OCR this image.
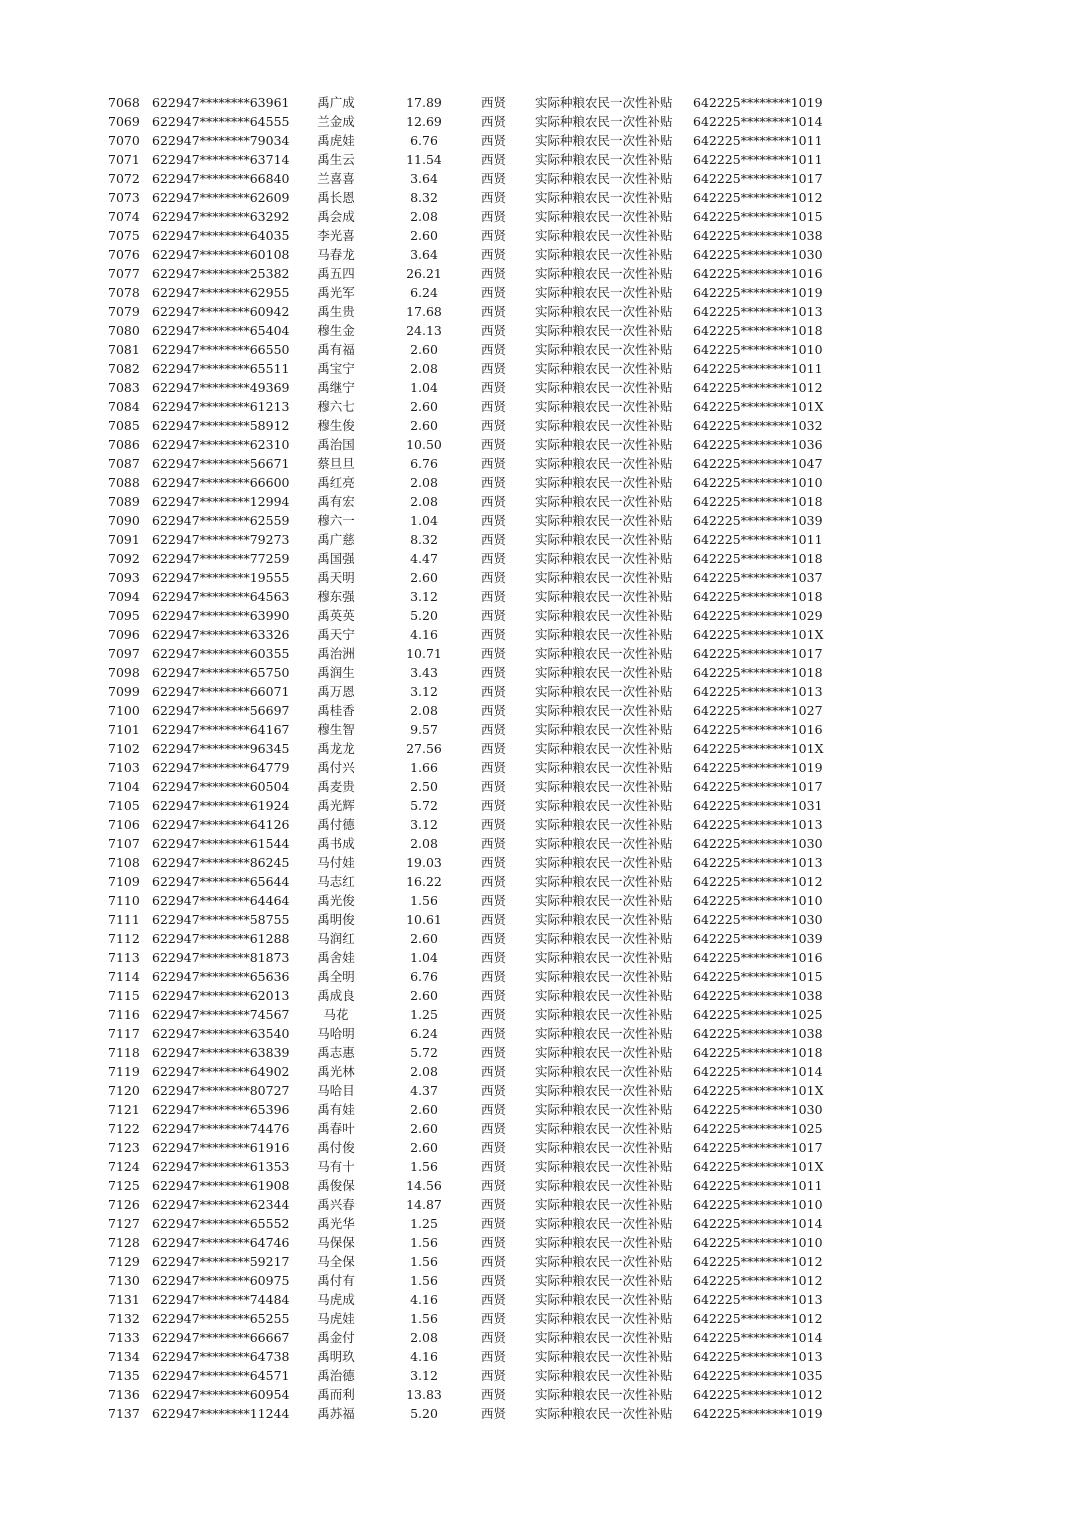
7068 622947********63961	禹广成	17.89	西贤 实际种粮农民一次性补贴 642225********1019
7069 622947********64555	兰金成	12.69	西贤 实际种粮农民一次性补贴 642225********1014
7070 622947********79034	禹虎娃	6.76	西贤 实际种粮农民一次性补贴 642225********1011
7071 622947********63714	禹生云	11.54	西贤 实际种粮农民一次性补贴 642225********1011
7072 622947********66840	兰喜喜	3.64	西贤 实际种粮农民一次性补贴 642225********1017
7073 622947********62609	禹长恩	8.32	西贤 实际种粮农民一次性补贴 642225********1012
7074 622947********63292	禹会成	2.08	西贤 实际种粮农民一次性补贴 642225********1015
7075 622947********64035	李光喜	2.60	西贤 实际种粮农民一次性补贴 642225********1038
7076 622947********60108	马春龙	3.64	西贤 实际种粮农民一次性补贴 642225********1030
7077 622947********25382	禹五四	26.21	西贤 实际种粮农民一次性补贴 642225********1016
7078 622947********62955	禹光军	6.24	西贤 实际种粮农民一次性补贴 642225********1019
7079 622947********60942	禹生贵	17.68	西贤 实际种粮农民一次性补贴 642225********1013
7080 622947********65404	穆生金	24.13	西贤 实际种粮农民一次性补贴 642225********1018
7081 622947********66550	禹有福	2.60	西贤 实际种粮农民一次性补贴 642225********1010
7082 622947********65511	禹宝宁	2.08	西贤 实际种粮农民一次性补贴 642225********1011
7083 622947********49369	禹继宁	1.04	西贤 实际种粮农民一次性补贴 642225********1012
7084 622947********61213	穆六七	2.60	西贤 实际种粮农民一次性补贴 642225********101X
7085 622947********58912	穆生俊	2.60	西贤 实际种粮农民一次性补贴 642225********1032
7086 622947********62310	禹治国	10.50	西贤 实际种粮农民一次性补贴 642225********1036
7087 622947********56671	蔡旦旦	6.76	西贤 实际种粮农民一次性补贴 642225********1047
7088 622947********66600	禹红亮	2.08	西贤 实际种粮农民一次性补贴 642225********1010
7089 622947********12994	禹有宏	2.08	西贤 实际种粮农民一次性补贴 642225********1018
7090 622947********62559	穆六一	1.04	西贤 实际种粮农民一次性补贴 642225********1039
7091 622947********79273	禹广慈	8.32	西贤 实际种粮农民一次性补贴 642225********1011
7092 622947********77259	禹国强	4.47	西贤 实际种粮农民一次性补贴 642225********1018
7093 622947********19555	禹天明	2.60	西贤 实际种粮农民一次性补贴 642225********1037
7094 622947********64563	穆东强	3.12	西贤 实际种粮农民一次性补贴 642225********1018
7095 622947********63990	禹英英	5.20	西贤 实际种粮农民一次性补贴 642225********1029
7096 622947********63326	禹天宁	4.16	西贤 实际种粮农民一次性补贴 642225********101X
7097 622947********60355	禹治洲	10.71	西贤 实际种粮农民一次性补贴 642225********1017
7098 622947********65750	禹润生	3.43	西贤 实际种粮农民一次性补贴 642225********1018
7099 622947********66071	禹万恩	3.12	西贤 实际种粮农民一次性补贴 642225********1013
7100 622947********56697	禹桂香	2.08	西贤 实际种粮农民一次性补贴 642225********1027
7101 622947********64167	穆生智	9.57	西贤 实际种粮农民一次性补贴 642225********1016
7102 622947********96345	禹龙龙	27.56	西贤 实际种粮农民一次性补贴 642225********101X
7103 622947********64779	禹付兴	1.66	西贤 实际种粮农民一次性补贴 642225********1019
7104 622947********60504	禹麦贵	2.50	西贤 实际种粮农民一次性补贴 642225********1017
7105 622947********61924	禹光辉	5.72	西贤 实际种粮农民一次性补贴 642225********1031
7106 622947********64126	禹付德	3.12	西贤 实际种粮农民一次性补贴 642225********1013
7107 622947********61544	禹书成	2.08	西贤 实际种粮农民一次性补贴 642225********1030
7108 622947********86245	马付娃	19.03	西贤 实际种粮农民一次性补贴 642225********1013
7109 622947********65644	马志红	16.22	西贤 实际种粮农民一次性补贴 642225********1012
7110 622947********64464	禹光俊	1.56	西贤 实际种粮农民一次性补贴 642225********1010
7111 622947********58755	禹明俊	10.61	西贤 实际种粮农民一次性补贴 642225********1030
7112 622947********61288	马润红	2.60	西贤 实际种粮农民一次性补贴 642225********1039
7113 622947********81873	禹舍娃	1.04	西贤 实际种粮农民一次性补贴 642225********1016
7114 622947********65636	禹全明	6.76	西贤 实际种粮农民一次性补贴 642225********1015
7115 622947********62013	禹成良	2.60	西贤 实际种粮农民一次性补贴 642225********1038
7116 622947********74567	马花	1.25	西贤 实际种粮农民一次性补贴 642225********1025
7117 622947********63540	马哈明	6.24	西贤 实际种粮农民一次性补贴 642225********1038
7118 622947********63839	禹志惠	5.72	西贤 实际种粮农民一次性补贴 642225********1018
7119 622947********64902	禹光林	2.08	西贤 实际种粮农民一次性补贴 642225********1014
7120 622947********80727	马哈目	4.37	西贤 实际种粮农民一次性补贴 642225********101X
7121 622947********65396	禹有娃	2.60	西贤 实际种粮农民一次性补贴 642225********1030
7122 622947********74476	禹春叶	2.60	西贤 实际种粮农民一次性补贴 642225********1025
7123 622947********61916	禹付俊	2.60	西贤 实际种粮农民一次性补贴 642225********1017
7124 622947********61353	马有十	1.56	西贤 实际种粮农民一次性补贴 642225********101X
7125 622947********61908	禹俊保	14.56	西贤 实际种粮农民一次性补贴 642225********1011
7126 622947********62344	禹兴春	14.87	西贤 实际种粮农民一次性补贴 642225********1010
7127 622947********65552	禹光华	1.25	西贤 实际种粮农民一次性补贴 642225********1014
7128 622947********64746	马保保	1.56	西贤 实际种粮农民一次性补贴 642225********1010
7129 622947********59217	马全保	1.56	西贤 实际种粮农民一次性补贴 642225********1012
7130 622947********60975	禹付有	1.56	西贤 实际种粮农民一次性补贴 642225********1012
7131 622947********74484	马虎成	4.16	西贤 实际种粮农民一次性补贴 642225********1013
7132 622947********65255	马虎娃	1.56	西贤 实际种粮农民一次性补贴 642225********1012
7133 622947********66667	禹金付	2.08	西贤 实际种粮农民一次性补贴 642225********1014
7134 622947********64738	禹明玖	4.16	西贤 实际种粮农民一次性补贴 642225********1013
7135 622947********64571	禹治德	3.12	西贤 实际种粮农民一次性补贴 642225********1035
7136 622947********60954	禹而利	13.83	西贤 实际种粮农民一次性补贴 642225********1012
7137 622947********11244	禹苏福	5.20	西贤 实际种粮农民一次性补贴 642225********1019
